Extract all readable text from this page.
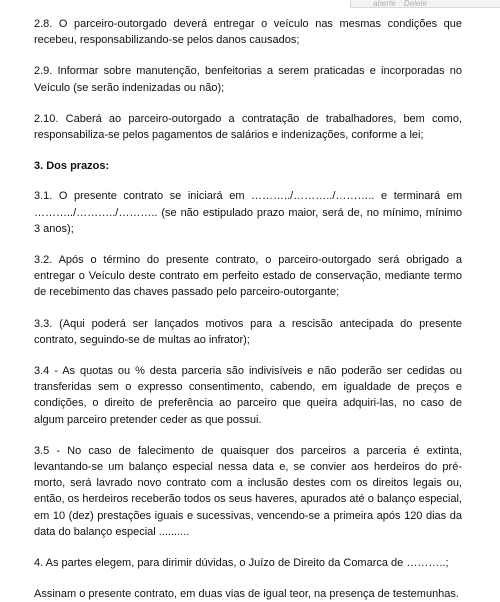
aberte Delete

2.8. O parceiro-outorgado deverá entregar o veículo nas mesmas condições que recebeu, responsabilizando-se pelos danos causados;

2.9. Informar sobre manutenção, benfeitorias a serem praticadas e incorporadas no Veículo (se serão indenizadas ou não);

2.10. Caberá ao parceiro-outorgado a contratação de trabalhadores, bem como, responsabiliza-se pelos pagamentos de salários e indenizações, conforme a lei;

3. Dos prazos:

3.1. O presente contrato se iniciará em ………../………../……….. e terminará em ………../………../……….. (se não estipulado prazo maior, será de, no mínimo, mínimo 3 anos);

3.2. Após o término do presente contrato, o parceiro-outorgado será obrigado a entregar o Veículo deste contrato em perfeito estado de conservação, mediante termo de recebimento das chaves passado pelo parceiro-outorgante;

3.3. (Aqui poderá ser lançados motivos para a rescisão antecipada do presente contrato, seguindo-se de multas ao infrator);

3.4 - As quotas ou % desta parceria são indivisíveis e não poderão ser cedidas ou transferidas sem o expresso consentimento, cabendo, em igualdade de preços e condições, o direito de preferência ao parceiro que queira adquiri-las, no caso de algum parceiro pretender ceder as que possui.

3.5 - No caso de falecimento de quaisquer dos parceiros a parceria é extinta, levantando-se um balanço especial nessa data e, se convier aos herdeiros do pré-morto, será lavrado novo contrato com a inclusão destes com os direitos legais ou, então, os herdeiros receberão todos os seus haveres, apurados até o balanço especial, em 10 (dez) prestações iguais e sucessivas, vencendo-se a primeira após 120 dias da data do balanço especial ..........

4. As partes elegem, para dirimir dúvidas, o Juízo de Direito da Comarca de ………..;

Assinam o presente contrato, em duas vias de igual teor, na presença de testemunhas.
